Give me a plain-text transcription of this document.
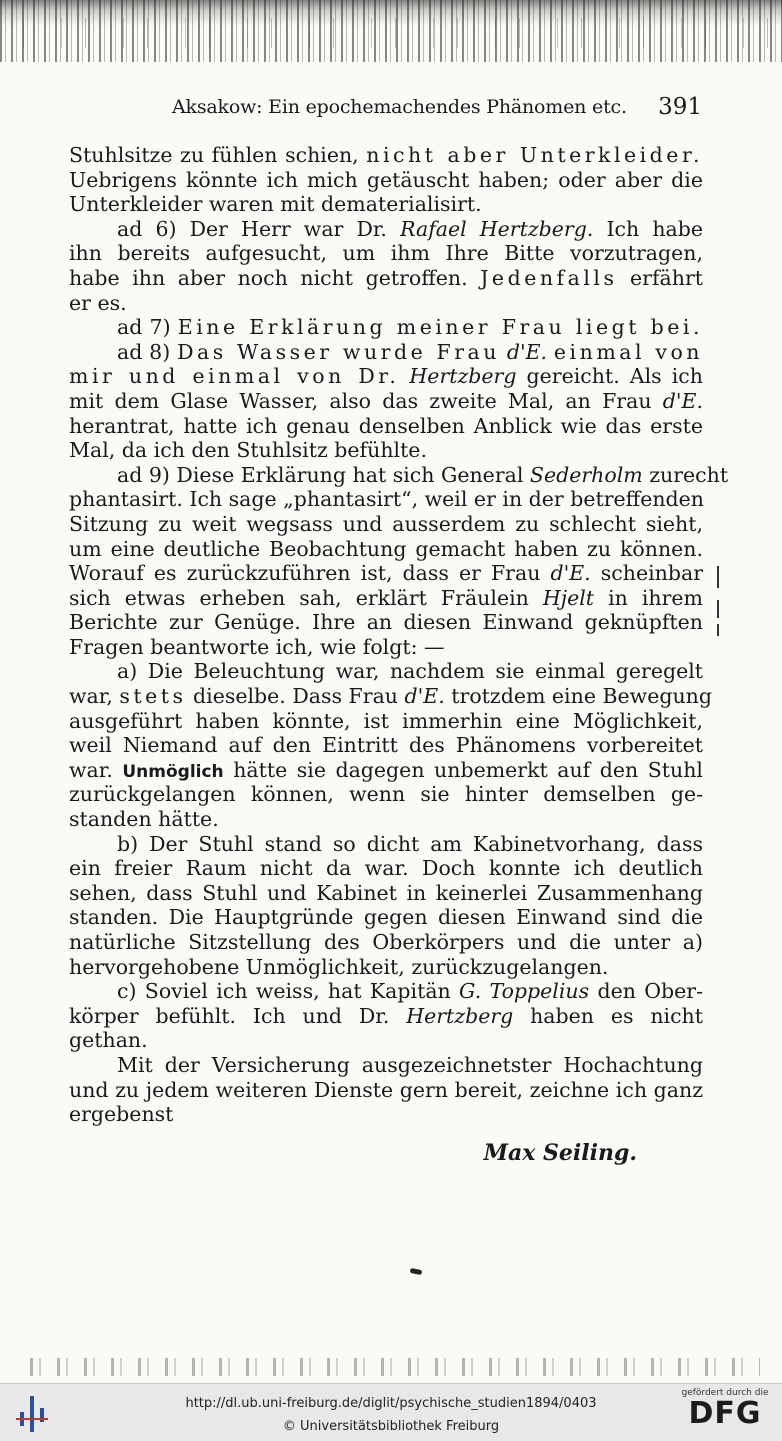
Aksakow: Ein epochemachendes Phänomen etc. 391
Stuhlsitze zu fühlen schien, nicht aber Unterkleider.
Uebrigens könnte ich mich getäuscht haben; oder aber die
Unterkleider waren mit dematerialisirt.
ad 6) Der Herr war Dr. Rafael Hertzberg. Ich habe
ihn bereits aufgesucht, um ihm Ihre Bitte vorzutragen,
habe ihn aber noch nicht getroffen. Jedenfalls erfährt
er es.
ad 7) Eine Erklärung meiner Frau liegt bei.
ad 8) Das Wasser wurde Frau d'E. einmal von
mir und einmal von Dr. Hertzberg gereicht. Als ich
mit dem Glase Wasser, also das zweite Mal, an Frau d'E.
herantrat, hatte ich genau denselben Anblick wie das erste
Mal, da ich den Stuhlsitz befühlte.
ad 9) Diese Erklärung hat sich General Sederholm zurecht
phantasirt. Ich sage „phantasirt“, weil er in der betreffenden
Sitzung zu weit wegsass und ausserdem zu schlecht sieht,
um eine deutliche Beobachtung gemacht haben zu können.
Worauf es zurückzuführen ist, dass er Frau d'E. scheinbar
sich etwas erheben sah, erklärt Fräulein Hjelt in ihrem
Berichte zur Genüge. Ihre an diesen Einwand geknüpften
Fragen beantworte ich, wie folgt: —
a) Die Beleuchtung war, nachdem sie einmal geregelt
war, stets dieselbe. Dass Frau d'E. trotzdem eine Bewegung
ausgeführt haben könnte, ist immerhin eine Möglichkeit,
weil Niemand auf den Eintritt des Phänomens vorbereitet
war. Unmöglich hätte sie dagegen unbemerkt auf den Stuhl
zurückgelangen können, wenn sie hinter demselben ge-
standen hätte.
b) Der Stuhl stand so dicht am Kabinetvorhang, dass
ein freier Raum nicht da war. Doch konnte ich deutlich
sehen, dass Stuhl und Kabinet in keinerlei Zusammenhang
standen. Die Hauptgründe gegen diesen Einwand sind die
natürliche Sitzstellung des Oberkörpers und die unter a)
hervorgehobene Unmöglichkeit, zurückzugelangen.
c) Soviel ich weiss, hat Kapitän G. Toppelius den Ober-
körper befühlt. Ich und Dr. Hertzberg haben es nicht
gethan.
Mit der Versicherung ausgezeichnetster Hochachtung
und zu jedem weiteren Dienste gern bereit, zeichne ich ganz
ergebenst
Max Seiling.
http://dl.ub.uni-freiburg.de/diglit/psychische_studien1894/0403
© Universitätsbibliothek Freiburg
gefördert durch die
DFG
